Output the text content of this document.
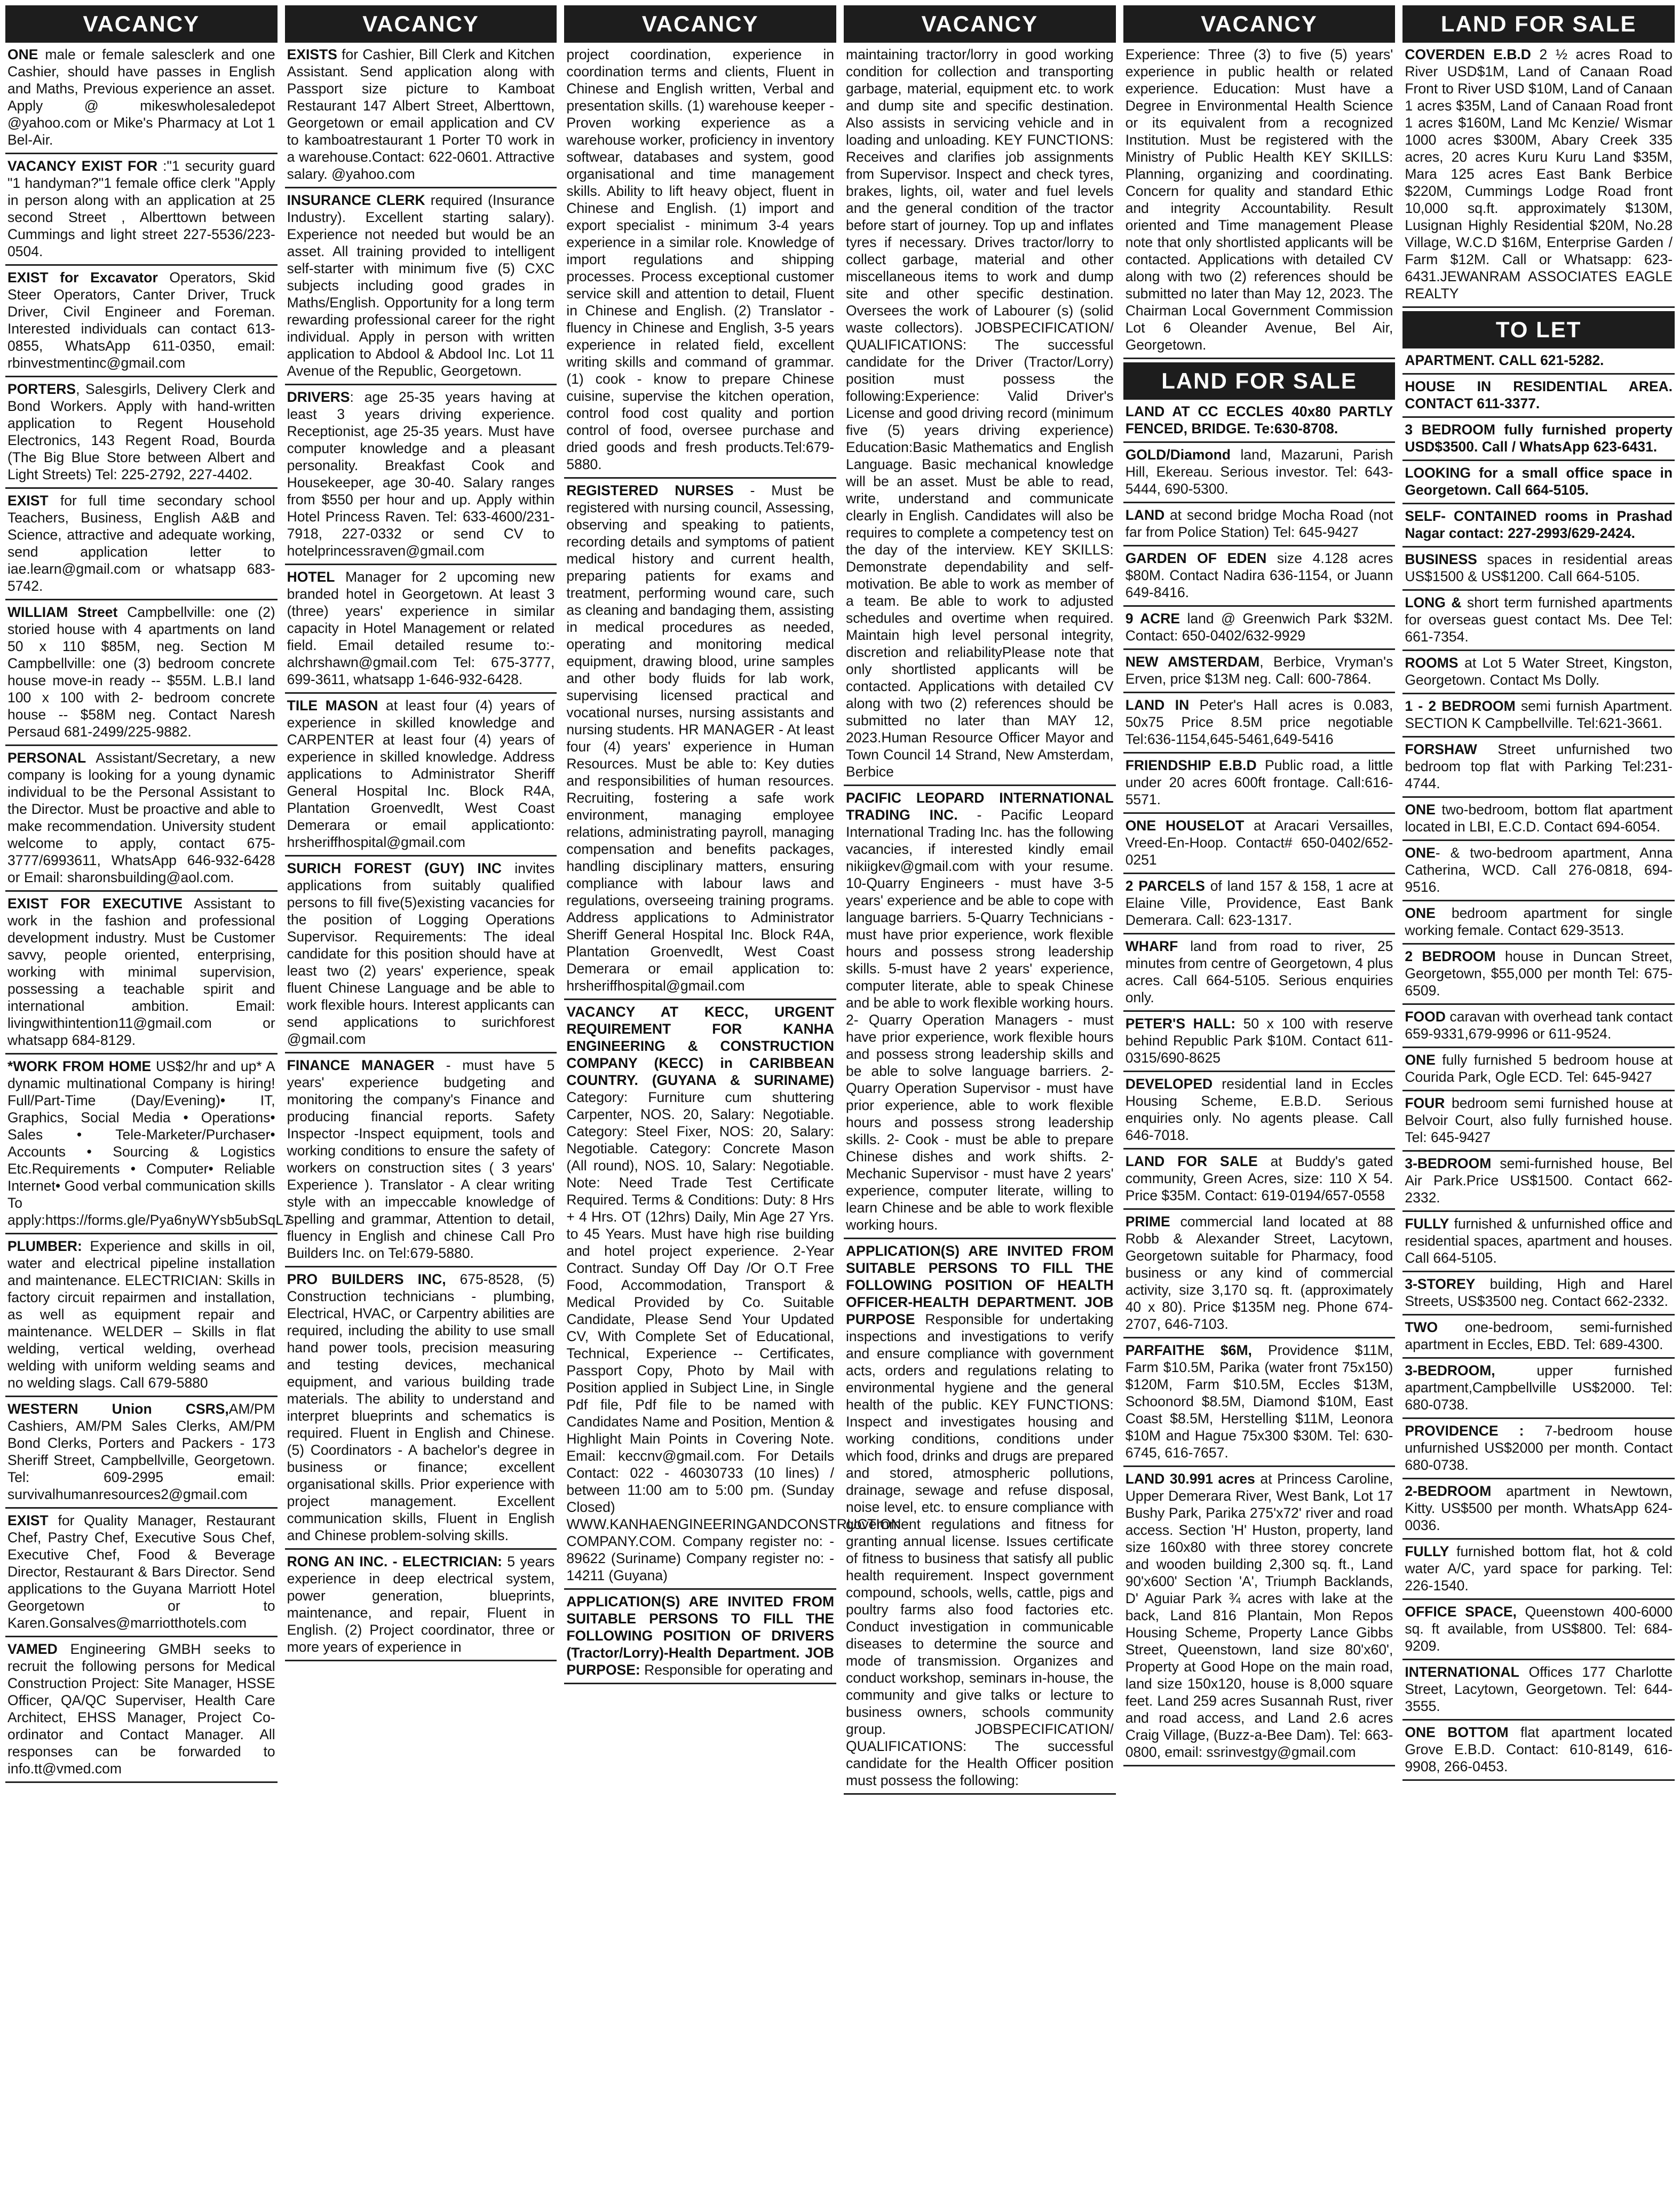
VACANCY
ONE male or female salesclerk and one Cashier, should have passes in English and Maths, Previous experience an asset. Apply @ mikeswholesaledepot @yahoo.com or Mike's Pharmacy at Lot 1 Bel-Air.
VACANCY EXIST FOR :"1 security guard "1 handyman?"1 female office clerk "Apply in person along with an application at 25 second Street , Alberttown between Cummings and light street 227-5536/223-0504.
EXIST for Excavator Operators, Skid Steer Operators, Canter Driver, Truck Driver, Civil Engineer and Foreman. Interested individuals can contact 613-0855, WhatsApp 611-0350, email: rbinvestmentinc@gmail.com
PORTERS, Salesgirls, Delivery Clerk and Bond Workers. Apply with hand-written application to Regent Household Electronics, 143 Regent Road, Bourda (The Big Blue Store between Albert and Light Streets) Tel: 225-2792, 227-4402.
EXIST for full time secondary school Teachers, Business, English A&B and Science, attractive and adequate working, send application letter to iae.learn@gmail.com or whatsapp 683-5742.
WILLIAM Street Campbellville: one (2) storied house with 4 apartments on land 50 x 110 $85M, neg. Section M Campbellville: one (3) bedroom concrete house move-in ready -- $55M. L.B.I land 100 x 100 with 2- bedroom concrete house -- $58M neg. Contact Naresh Persaud 681-2499/225-9882.
PERSONAL Assistant/Secretary, a new company is looking for a young dynamic individual to be the Personal Assistant to the Director. Must be proactive and able to make recommendation. University student welcome to apply, contact 675-3777/6993611, WhatsApp 646-932-6428 or Email: sharonsbuilding@aol.com.
EXIST FOR EXECUTIVE Assistant to work in the fashion and professional development industry. Must be Customer savvy, people oriented, enterprising, working with minimal supervision, possessing a teachable spirit and international ambition. Email: livingwithintention11@gmail.com or whatsapp 684-8129.
*WORK FROM HOME US$2/hr and up* A dynamic multinational Company is hiring! Full/Part-Time (Day/Evening)• IT, Graphics, Social Media • Operations• Sales • Tele-Marketer/Purchaser• Accounts • Sourcing & Logistics Etc.Requirements • Computer• Reliable Internet• Good verbal communication skills To apply:https://forms.gle/Pya6nyWYsb5ubSqL7
PLUMBER: Experience and skills in oil, water and electrical pipeline installation and maintenance. ELECTRICIAN: Skills in factory circuit repairmen and installation, as well as equipment repair and maintenance. WELDER – Skills in flat welding, vertical welding, overhead welding with uniform welding seams and no welding slags. Call 679-5880
WESTERN Union CSRS,AM/PM Cashiers, AM/PM Sales Clerks, AM/PM Bond Clerks, Porters and Packers - 173 Sheriff Street, Campbellville, Georgetown. Tel: 609-2995 email: survivalhumanresources2@gmail.com
EXIST for Quality Manager, Restaurant Chef, Pastry Chef, Executive Sous Chef, Executive Chef, Food & Beverage Director, Restaurant & Bars Director. Send applications to the Guyana Marriott Hotel Georgetown or to Karen.Gonsalves@marriotthotels.com
VAMED Engineering GMBH seeks to recruit the following persons for Medical Construction Project: Site Manager, HSSE Officer, QA/QC Superviser, Health Care Architect, EHSS Manager, Project Co-ordinator and Contact Manager. All responses can be forwarded to info.tt@vmed.com
VACANCY
EXISTS for Cashier, Bill Clerk and Kitchen Assistant. Send application along with Passport size picture to Kamboat Restaurant 147 Albert Street, Alberttown, Georgetown or email application and CV to kamboatrestaurant 1 Porter T0 work in a warehouse.Contact: 622-0601. Attractive salary. @yahoo.com
INSURANCE CLERK required (Insurance Industry). Excellent starting salary). Experience not needed but would be an asset. All training provided to intelligent self-starter with minimum five (5) CXC subjects including good grades in Maths/English. Opportunity for a long term rewarding professional career for the right individual. Apply in person with written application to Abdool & Abdool Inc. Lot 11 Avenue of the Republic, Georgetown.
DRIVERS: age 25-35 years having at least 3 years driving experience. Receptionist, age 25-35 years. Must have computer knowledge and a pleasant personality. Breakfast Cook and Housekeeper, age 30-40. Salary ranges from $550 per hour and up. Apply within Hotel Princess Raven. Tel: 633-4600/231-7918, 227-0332 or send CV to hotelprincessraven@gmail.com
HOTEL Manager for 2 upcoming new branded hotel in Georgetown. At least 3 (three) years' experience in similar capacity in Hotel Management or related field. Email detailed resume to:- alchrshawn@gmail.com Tel: 675-3777, 699-3611, whatsapp 1-646-932-6428.
TILE MASON at least four (4) years of experience in skilled knowledge and CARPENTER at least four (4) years of experience in skilled knowledge. Address applications to Administrator Sheriff General Hospital Inc. Block R4A, Plantation Groenvedlt, West Coast Demerara or email applicationto: hrsheriffhospital@gmail.com
SURICH FOREST (GUY) INC invites applications from suitably qualified persons to fill five(5)existing vacancies for the position of Logging Operations Supervisor. Requirements: The ideal candidate for this position should have at least two (2) years' experience, speak fluent Chinese Language and be able to work flexible hours. Interest applicants can send applications to surichforest @gmail.com
FINANCE MANAGER - must have 5 years' experience budgeting and monitoring the company's Finance and producing financial reports. Safety Inspector -Inspect equipment, tools and working conditions to ensure the safety of workers on construction sites ( 3 years' Experience ). Translator - A clear writing style with an impeccable knowledge of spelling and grammar, Attention to detail, fluency in English and chinese Call Pro Builders Inc. on Tel:679-5880.
PRO BUILDERS INC, 675-8528, (5) Construction technicians - plumbing, Electrical, HVAC, or Carpentry abilities are required, including the ability to use small hand power tools, precision measuring and testing devices, mechanical equipment, and various building trade materials. The ability to understand and interpret blueprints and schematics is required. Fluent in English and Chinese. (5) Coordinators - A bachelor's degree in business or finance; excellent organisational skills. Prior experience with project management. Excellent communication skills, Fluent in English and Chinese problem-solving skills.
RONG AN INC. - ELECTRICIAN: 5 years experience in deep electrical system, power generation, blueprints, maintenance, and repair, Fluent in English. (2) Project coordinator, three or more years of experience in
VACANCY
project coordination, experience in coordination terms and clients, Fluent in Chinese and English written, Verbal and presentation skills. (1) warehouse keeper - Proven working experience as a warehouse worker, proficiency in inventory softwear, databases and system, good organisational and time management skills. Ability to lift heavy object, fluent in Chinese and English. (1) import and export specialist - minimum 3-4 years experience in a similar role. Knowledge of import regulations and shipping processes. Process exceptional customer service skill and attention to detail, Fluent in Chinese and English. (2) Translator - fluency in Chinese and English, 3-5 years experience in related field, excellent writing skills and command of grammar. (1) cook - know to prepare Chinese cuisine, supervise the kitchen operation, control food cost quality and portion control of food, oversee purchase and dried goods and fresh products.Tel:679-5880.
REGISTERED NURSES - Must be registered with nursing council, Assessing, observing and speaking to patients, recording details and symptoms of patient medical history and current health, preparing patients for exams and treatment, performing wound care, such as cleaning and bandaging them, assisting in medical procedures as needed, operating and monitoring medical equipment, drawing blood, urine samples and other body fluids for lab work, supervising licensed practical and vocational nurses, nursing assistants and nursing students. HR MANAGER - At least four (4) years' experience in Human Resources. Must be able to: Key duties and responsibilities of human resources. Recruiting, fostering a safe work environment, managing employee relations, administrating payroll, managing compensation and benefits packages, handling disciplinary matters, ensuring compliance with labour laws and regulations, overseeing training programs. Address applications to Administrator Sheriff General Hospital Inc. Block R4A, Plantation Groenvedlt, West Coast Demerara or email application to: hrsheriffhospital@gmail.com
VACANCY AT KECC, URGENT REQUIREMENT FOR KANHA ENGINEERING & CONSTRUCTION COMPANY (KECC) in CARIBBEAN COUNTRY. (GUYANA & SURINAME) Category: Furniture cum shuttering Carpenter, NOS. 20, Salary: Negotiable. Category: Steel Fixer, NOS: 20, Salary: Negotiable. Category: Concrete Mason (All round), NOS. 10, Salary: Negotiable. Note: Need Trade Test Certificate Required. Terms & Conditions: Duty: 8 Hrs + 4 Hrs. OT (12hrs) Daily, Min Age 27 Yrs. to 45 Years. Must have high rise building and hotel project experience. 2-Year Contract. Sunday Off Day /Or O.T Free Food, Accommodation, Transport & Medical Provided by Co. Suitable Candidate, Please Send Your Updated CV, With Complete Set of Educational, Technical, Experience -- Certificates, Passport Copy, Photo by Mail with Position applied in Subject Line, in Single Pdf file, Pdf file to be named with Candidates Name and Position, Mention & Highlight Main Points in Covering Note. Email: keccnv@gmail.com. For Details Contact: 022 - 46030733 (10 lines) / between 11:00 am to 5:00 pm. (Sunday Closed) WWW.KANHAENGINEERINGANDCONSTRUCTION COMPANY.COM. Company register no: - 89622 (Suriname) Company register no: - 14211 (Guyana)
APPLICATION(S) ARE INVITED FROM SUITABLE PERSONS TO FILL THE FOLLOWING POSITION OF DRIVERS (Tractor/Lorry)-Health Department. JOB PURPOSE: Responsible for operating and
VACANCY
maintaining tractor/lorry in good working condition for collection and transporting garbage, material, equipment etc. to work and dump site and specific destination. Also assists in servicing vehicle and in loading and unloading. KEY FUNCTIONS: Receives and clarifies job assignments from Supervisor. Inspect and check tyres, brakes, lights, oil, water and fuel levels and the general condition of the tractor before start of journey. Top up and inflates tyres if necessary. Drives tractor/lorry to collect garbage, material and other miscellaneous items to work and dump site and other specific destination. Oversees the work of Labourer (s) (solid waste collectors). JOBSPECIFICATION/ QUALIFICATIONS: The successful candidate for the Driver (Tractor/Lorry) position must possess the following:Experience: Valid Driver's License and good driving record (minimum five (5) years driving experience) Education:Basic Mathematics and English Language. Basic mechanical knowledge will be an asset. Must be able to read, write, understand and communicate clearly in English. Candidates will also be requires to complete a competency test on the day of the interview. KEY SKILLS: Demonstrate dependability and self-motivation. Be able to work as member of a team. Be able to work to adjusted schedules and overtime when required. Maintain high level personal integrity, discretion and reliabilityPlease note that only shortlisted applicants will be contacted. Applications with detailed CV along with two (2) references should be submitted no later than MAY 12, 2023.Human Resource Officer Mayor and Town Council 14 Strand, New Amsterdam, Berbice
PACIFIC LEOPARD INTERNATIONAL TRADING INC. - Pacific Leopard International Trading Inc. has the following vacancies, if interested kindly email nikiigkev@gmail.com with your resume. 10-Quarry Engineers - must have 3-5 years' experience and be able to cope with language barriers. 5-Quarry Technicians - must have prior experience, work flexible hours and possess strong leadership skills. 5-must have 2 years' experience, computer literate, able to speak Chinese and be able to work flexible working hours. 2- Quarry Operation Managers - must have prior experience, work flexible hours and possess strong leadership skills and be able to solve language barriers. 2- Quarry Operation Supervisor - must have prior experience, able to work flexible hours and possess strong leadership skills. 2- Cook - must be able to prepare Chinese dishes and work shifts. 2-Mechanic Supervisor - must have 2 years' experience, computer literate, willing to learn Chinese and be able to work flexible working hours.
APPLICATION(S) ARE INVITED FROM SUITABLE PERSONS TO FILL THE FOLLOWING POSITION OF HEALTH OFFICER-HEALTH DEPARTMENT. JOB PURPOSE Responsible for undertaking inspections and investigations to verify and ensure compliance with government acts, orders and regulations relating to environmental hygiene and the general health of the public. KEY FUNCTIONS: Inspect and investigates housing and working conditions, conditions under which food, drinks and drugs are prepared and stored, atmospheric pollutions, drainage, sewage and refuse disposal, noise level, etc. to ensure compliance with government regulations and fitness for granting annual license. Issues certificate of fitness to business that satisfy all public health requirement. Inspect government compound, schools, wells, cattle, pigs and poultry farms also food factories etc. Conduct investigation in communicable diseases to determine the source and mode of transmission. Organizes and conduct workshop, seminars in-house, the community and give talks or lecture to business owners, schools community group. JOBSPECIFICATION/ QUALIFICATIONS: The successful candidate for the Health Officer position must possess the following:
VACANCY
Experience: Three (3) to five (5) years' experience in public health or related experience. Education: Must have a Degree in Environmental Health Science or its equivalent from a recognized Institution. Must be registered with the Ministry of Public Health KEY SKILLS: Planning, organizing and coordinating. Concern for quality and standard Ethic and integrity Accountability. Result oriented and Time management Please note that only shortlisted applicants will be contacted. Applications with detailed CV along with two (2) references should be submitted no later than May 12, 2023. The Chairman Local Government Commission Lot 6 Oleander Avenue, Bel Air, Georgetown.
LAND FOR SALE
LAND AT CC ECCLES 40x80 PARTLY FENCED, BRIDGE. Te:630-8708.
GOLD/Diamond land, Mazaruni, Parish Hill, Ekereau. Serious investor. Tel: 643-5444, 690-5300.
LAND at second bridge Mocha Road (not far from Police Station) Tel: 645-9427
GARDEN OF EDEN size 4.128 acres $80M. Contact Nadira 636-1154, or Juann 649-8416.
9 ACRE land @ Greenwich Park $32M. Contact: 650-0402/632-9929
NEW AMSTERDAM, Berbice, Vryman's Erven, price $13M neg. Call: 600-7864.
LAND IN Peter's Hall acres is 0.083, 50x75 Price 8.5M price negotiable Tel:636-1154,645-5461,649-5416
FRIENDSHIP E.B.D Public road, a little under 20 acres 600ft frontage. Call:616-5571.
ONE HOUSELOT at Aracari Versailles, Vreed-En-Hoop. Contact# 650-0402/652-0251
2 PARCELS of land 157 & 158, 1 acre at Elaine Ville, Providence, East Bank Demerara. Call: 623-1317.
WHARF land from road to river, 25 minutes from centre of Georgetown, 4 plus acres. Call 664-5105. Serious enquiries only.
PETER'S HALL: 50 x 100 with reserve behind Republic Park $10M. Contact 611-0315/690-8625
DEVELOPED residential land in Eccles Housing Scheme, E.B.D. Serious enquiries only. No agents please. Call 646-7018.
LAND FOR SALE at Buddy's gated community, Green Acres, size: 110 X 54. Price $35M. Contact: 619-0194/657-0558
PRIME commercial land located at 88 Robb & Alexander Street, Lacytown, Georgetown suitable for Pharmacy, food business or any kind of commercial activity, size 3,170 sq. ft. (approximately 40 x 80). Price $135M neg. Phone 674-2707, 646-7103.
PARFAITHE $6M, Providence $11M, Farm $10.5M, Parika (water front 75x150) $120M, Farm $10.5M, Eccles $13M, Schoonord $8.5M, Diamond $10M, East Coast $8.5M, Herstelling $11M, Leonora $10M and Hague 75x300 $30M. Tel: 630-6745, 616-7657.
LAND 30.991 acres at Princess Caroline, Upper Demerara River, West Bank, Lot 17 Bushy Park, Parika 275'x72' river and road access. Section 'H' Huston, property, land size 160x80 with three storey concrete and wooden building 2,300 sq. ft., Land 90'x600' Section 'A', Triumph Backlands, D' Aguiar Park ¾ acres with lake at the back, Land 816 Plantain, Mon Repos Housing Scheme, Property Lance Gibbs Street, Queenstown, land size 80'x60', Property at Good Hope on the main road, land size 150x120, house is 8,000 square feet. Land 259 acres Susannah Rust, river and road access, and Land 2.6 acres Craig Village, (Buzz-a-Bee Dam). Tel: 663-0800, email: ssrinvestgy@gmail.com
LAND FOR SALE
COVERDEN E.B.D 2 ½ acres Road to River USD$1M, Land of Canaan Road Front to River USD $10M, Land of Canaan 1 acres $35M, Land of Canaan Road front 1 acres $160M, Land Mc Kenzie/ Wismar 1000 acres $300M, Abary Creek 335 acres, 20 acres Kuru Kuru Land $35M, Mara 125 acres East Bank Berbice $220M, Cummings Lodge Road front 10,000 sq.ft. approximately $130M, Lusignan Highly Residential $20M, No.28 Village, W.C.D $16M, Enterprise Garden / Farm $12M. Call or Whatsapp: 623-6431.JEWANRAM ASSOCIATES EAGLE REALTY
TO LET
APARTMENT. CALL 621-5282.
HOUSE IN RESIDENTIAL AREA. CONTACT 611-3377.
3 BEDROOM fully furnished property USD$3500. Call / WhatsApp 623-6431.
LOOKING for a small office space in Georgetown. Call 664-5105.
SELF- CONTAINED rooms in Prashad Nagar contact: 227-2993/629-2424.
BUSINESS spaces in residential areas US$1500 & US$1200. Call 664-5105.
LONG & short term furnished apartments for overseas guest contact Ms. Dee Tel: 661-7354.
ROOMS at Lot 5 Water Street, Kingston, Georgetown. Contact Ms Dolly.
1 - 2 BEDROOM semi furnish Apartment. SECTION K Campbellville. Tel:621-3661.
FORSHAW Street unfurnished two bedroom top flat with Parking Tel:231-4744.
ONE two-bedroom, bottom flat apartment located in LBI, E.C.D. Contact 694-6054.
ONE- & two-bedroom apartment, Anna Catherina, WCD. Call 276-0818, 694-9516.
ONE bedroom apartment for single working female. Contact 629-3513.
2 BEDROOM house in Duncan Street, Georgetown, $55,000 per month Tel: 675-6509.
FOOD caravan with overhead tank contact 659-9331,679-9996 or 611-9524.
ONE fully furnished 5 bedroom house at Courida Park, Ogle ECD. Tel: 645-9427
FOUR bedroom semi furnished house at Belvoir Court, also fully furnished house. Tel: 645-9427
3-BEDROOM semi-furnished house, Bel Air Park.Price US$1500. Contact 662-2332.
FULLY furnished & unfurnished office and residential spaces, apartment and houses. Call 664-5105.
3-STOREY building, High and Harel Streets, US$3500 neg. Contact 662-2332.
TWO one-bedroom, semi-furnished apartment in Eccles, EBD. Tel: 689-4300.
3-BEDROOM, upper furnished apartment,Campbellville US$2000. Tel: 680-0738.
PROVIDENCE : 7-bedroom house unfurnished US$2000 per month. Contact 680-0738.
2-BEDROOM apartment in Newtown, Kitty. US$500 per month. WhatsApp 624-0036.
FULLY furnished bottom flat, hot & cold water A/C, yard space for parking. Tel: 226-1540.
OFFICE SPACE, Queenstown 400-6000 sq. ft available, from US$800. Tel: 684-9209.
INTERNATIONAL Offices 177 Charlotte Street, Lacytown, Georgetown. Tel: 644-3555.
ONE BOTTOM flat apartment located Grove E.B.D. Contact: 610-8149, 616-9908, 266-0453.
